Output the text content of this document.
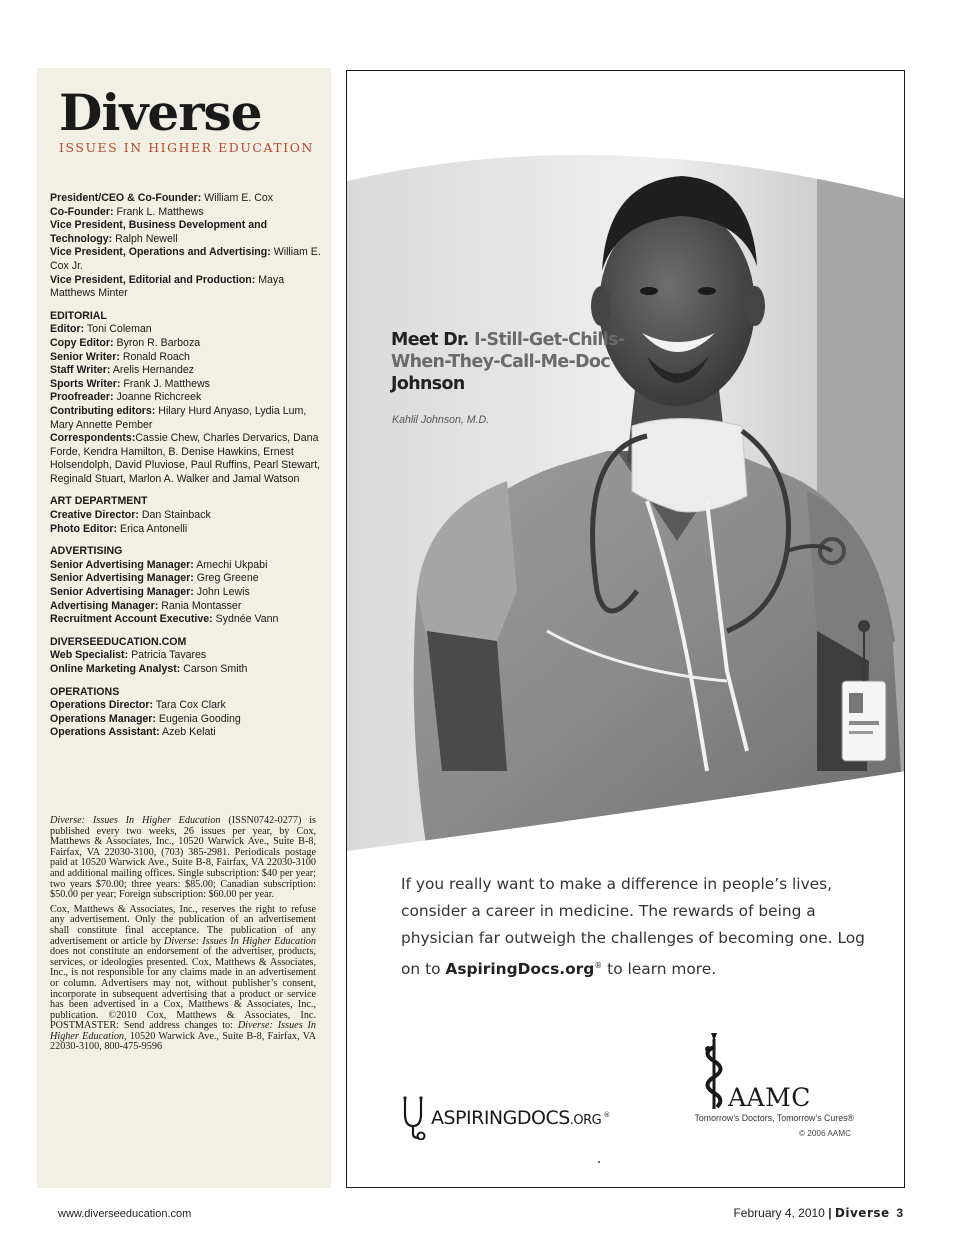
Diverse
ISSUES IN HIGHER EDUCATION

President/CEO & Co-Founder: William E. Cox

Co-Founder: Frank L. Matthews

Vice President, Business Development and Technology: Ralph Newell

Vice President, Operations and Advertising: William E. Cox Jr.

Vice President, Editorial and Production: Maya Matthews Minter

EDITORIAL

Editor: Toni Coleman

Copy Editor: Byron R. Barboza

Senior Writer: Ronald Roach

Staff Writer: Arelis Hernandez

Sports Writer: Frank J. Matthews

Proofreader: Joanne Richcreek

Contributing editors: Hilary Hurd Anyaso, Lydia Lum, Mary Annette Pember

Correspondents:Cassie Chew, Charles Dervarics, Dana Forde, Kendra Hamilton, B. Denise Hawkins, Ernest Holsendolph, David Pluviose, Paul Ruffins, Pearl Stewart, Reginald Stuart, Marlon A. Walker and Jamal Watson

ART DEPARTMENT

Creative Director: Dan Stainback

Photo Editor: Erica Antonelli

ADVERTISING

Senior Advertising Manager: Amechi Ukpabi

Senior Advertising Manager: Greg Greene

Senior Advertising Manager: John Lewis

Advertising Manager: Rania Montasser

Recruitment Account Executive: Sydnée Vann

DIVERSEEDUCATION.COM

Web Specialist: Patricia Tavares

Online Marketing Analyst: Carson Smith

OPERATIONS

Operations Director: Tara Cox Clark

Operations Manager: Eugenia Gooding

Operations Assistant: Azeb Kelati

Diverse: Issues In Higher Education (ISSN0742-0277) is published every two weeks, 26 issues per year, by Cox, Matthews & Associates, Inc., 10520 Warwick Ave., Suite B-8, Fairfax, VA 22030-3100, (703) 385-2981. Periodicals postage paid at 10520 Warwick Ave., Suite B-8, Fairfax, VA 22030-3100 and additional mailing offices. Single subscription: $40 per year; two years $70.00; three years: $85.00; Canadian subscription: $50.00 per year; Foreign subscription: $60.00 per year.

Cox, Matthews & Associates, Inc., reserves the right to refuse any advertisement. Only the publication of an advertisement shall constitute final acceptance. The publication of any advertisement or article by Diverse: Issues In Higher Education does not constitute an endorsement of the advertiser, products, services, or ideologies presented. Cox, Matthews & Associates, Inc., is not responsible for any claims made in an advertisement or column. Advertisers may not, without publisher’s consent, incorporate in subsequent advertising that a product or service has been advertised in a Cox, Matthews & Associates, Inc., publication. ©2010 Cox, Matthews & Associates, Inc. POSTMASTER: Send address changes to: Diverse: Issues In Higher Education, 10520 Warwick Ave., Suite B-8, Fairfax, VA 22030-3100, 800-475-9596

Meet Dr. I-Still-Get-Chills-When-They-Call-Me-Doc Johnson
Kahlil Johnson, M.D.
If you really want to make a difference in people’s lives, consider a career in medicine. The rewards of being a physician far outweigh the challenges of becoming one. Log on to AspiringDocs.org® to learn more.
ASPIRINGDOCS.ORG ®
AAMC
Tomorrow’s Doctors, Tomorrow’s Cures®
© 2006 AAMC
www.diverseeducation.com	February 4, 2010 | Diverse 3
